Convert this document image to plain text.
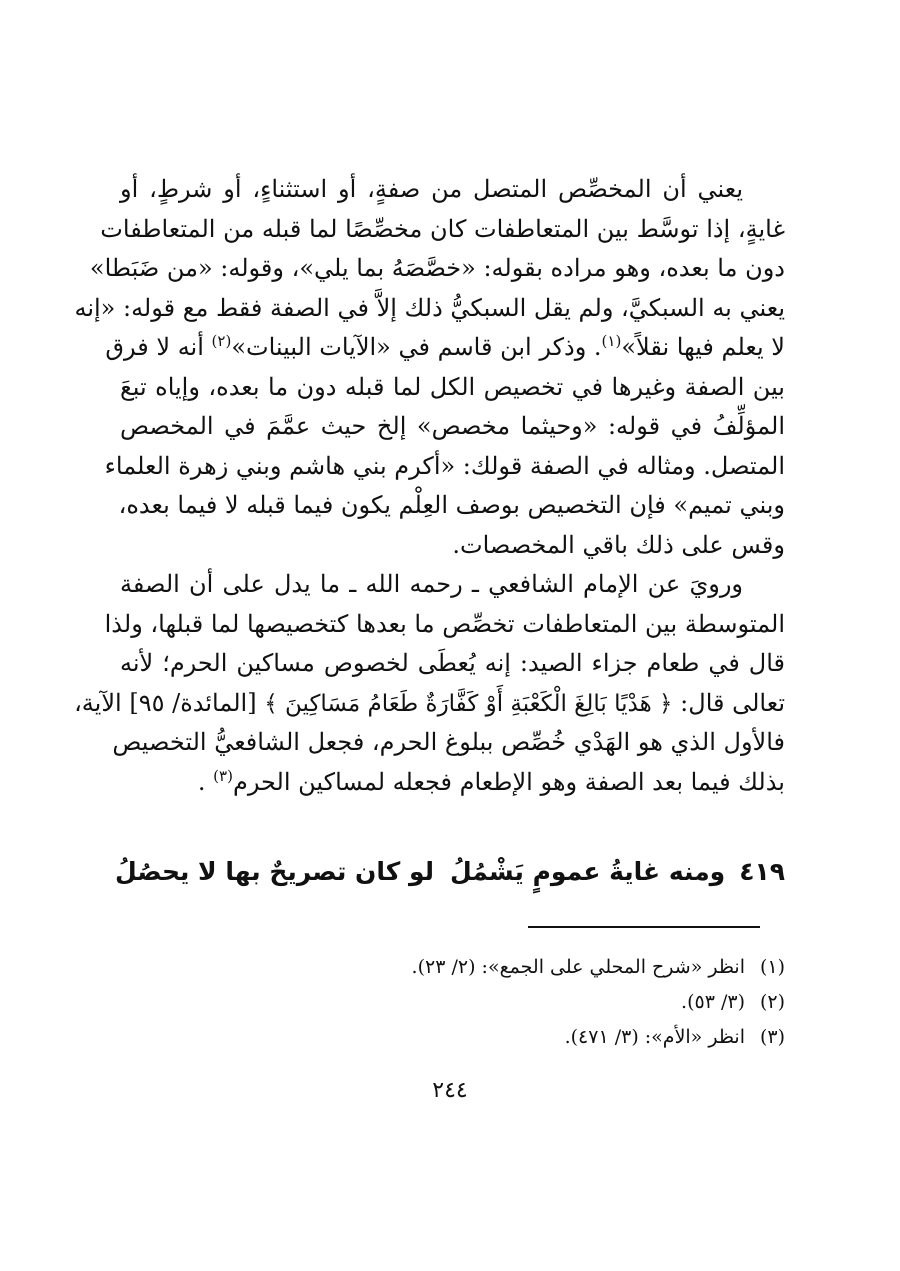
يعني أن المخصِّص المتصل من صفةٍ، أو استثناءٍ، أو شرطٍ، أو
غايةٍ، إذا توسَّط بين المتعاطفات كان مخصِّصًا لما قبله من المتعاطفات
دون ما بعده، وهو مراده بقوله: «خصَّصَهُ بما يلي»، وقوله: «من ضَبَطا»
يعني به السبكيَّ، ولم يقل السبكيُّ ذلك إلاَّ في الصفة فقط مع قوله: «إنه
لا يعلم فيها نقلاً»$^{(١)}$. وذكر ابن قاسم في «الآيات البينات»$^{(٢)}$ أنه لا فرق
بين الصفة وغيرها في تخصيص الكل لما قبله دون ما بعده، وإياه تبعَ
المؤلِّفُ في قوله: «وحيثما مخصص» إلخ حيث عمَّمَ في المخصص
المتصل. ومثاله في الصفة قولك: «أكرم بني هاشم وبني زهرة العلماء
وبني تميم» فإن التخصيص بوصف العِلْم يكون فيما قبله لا فيما بعده،
وقس على ذلك باقي المخصصات.
ورويَ عن الإمام الشافعي ـ رحمه الله ـ ما يدل على أن الصفة
المتوسطة بين المتعاطفات تخصِّص ما بعدها كتخصيصها لما قبلها، ولذا
قال في طعام جزاء الصيد: إنه يُعطَى لخصوص مساكين الحرم؛ لأنه
تعالى قال: ﴿ هَدْيًا بَالِغَ الْكَعْبَةِ أَوْ كَفَّارَةٌ طَعَامُ مَسَاكِينَ ﴾ [المائدة/ ٩٥] الآية،
فالأول الذي هو الهَدْي خُصِّص ببلوغ الحرم، فجعل الشافعيُّ التخصيص
بذلك فيما بعد الصفة وهو الإطعام فجعله لمساكين الحرم$^{(٣)}$ .
٤١٩
ومنه غايةُ عمومٍ يَشْمُلُ
لو كان تصريحٌ بها لا يحصُلُ
(١)انظر «شرح المحلي على الجمع»: (٢/ ٢٣).
(٢)(٣/ ٥٣).
(٣)انظر «الأم»: (٣/ ٤٧١).
٢٤٤
